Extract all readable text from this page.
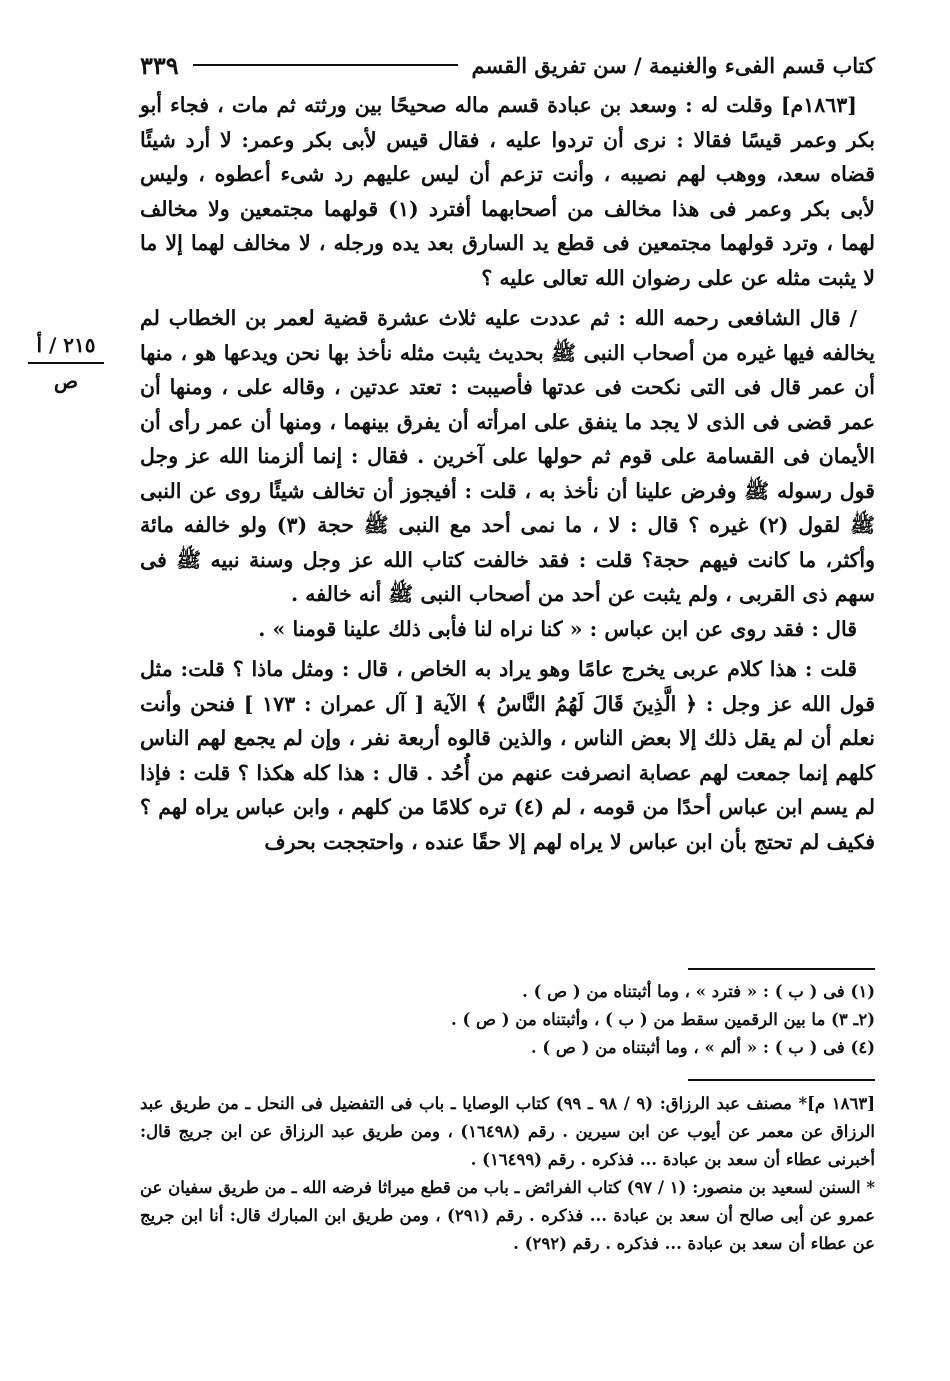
كتاب قسم الفىء والغنيمة / سن تفريق القسم
٣٣٩
٢١٥ / أ
ص

[١٨٦٣م] وقلت له : وسعد بن عبادة قسم ماله صحيحًا بين ورثته ثم مات ، فجاء أبو بكر وعمر قيسًا فقالا : نرى أن تردوا عليه ، فقال قيس لأبى بكر وعمر: لا أرد شيئًا قضاه سعد، ووهب لهم نصيبه ، وأنت تزعم أن ليس عليهم رد شىء أعطوه ، وليس لأبى بكر وعمر فى هذا مخالف من أصحابهما أفترد (١) قولهما مجتمعين ولا مخالف لهما ، وترد قولهما مجتمعين فى قطع يد السارق بعد يده ورجله ، لا مخالف لهما إلا ما لا يثبت مثله عن على رضوان الله تعالى عليه ؟

/ قال الشافعى رحمه الله : ثم عددت عليه ثلاث عشرة قضية لعمر بن الخطاب لم يخالفه فيها غيره من أصحاب النبى ﷺ بحديث يثبت مثله نأخذ بها نحن ويدعها هو ، منها أن عمر قال فى التى نكحت فى عدتها فأصيبت : تعتد عدتين ، وقاله على ، ومنها أن عمر قضى فى الذى لا يجد ما ينفق على امرأته أن يفرق بينهما ، ومنها أن عمر رأى أن الأيمان فى القسامة على قوم ثم حولها على آخرين . فقال : إنما ألزمنا الله عز وجل قول رسوله ﷺ وفرض علينا أن نأخذ به ، قلت : أفيجوز أن تخالف شيئًا روى عن النبى ﷺ لقول (٢) غيره ؟ قال : لا ، ما نمى أحد مع النبى ﷺ حجة (٣) ولو خالفه مائة وأكثر، ما كانت فيهم حجة؟ قلت : فقد خالفت كتاب الله عز وجل وسنة نبيه ﷺ فى سهم ذى القربى ، ولم يثبت عن أحد من أصحاب النبى ﷺ أنه خالفه .

قال : فقد روى عن ابن عباس : « كنا نراه لنا فأبى ذلك علينا قومنا » .

قلت : هذا كلام عربى يخرج عامًا وهو يراد به الخاص ، قال : ومثل ماذا ؟ قلت: مثل قول الله عز وجل : ﴿ الَّذِينَ قَالَ لَهُمُ النَّاسُ ﴾ الآية [ آل عمران : ١٧٣ ] فنحن وأنت نعلم أن لم يقل ذلك إلا بعض الناس ، والذين قالوه أربعة نفر ، وإن لم يجمع لهم الناس كلهم إنما جمعت لهم عصابة انصرفت عنهم من أُحُد . قال : هذا كله هكذا ؟ قلت : فإذا لم يسم ابن عباس أحدًا من قومه ، لم (٤) تره كلامًا من كلهم ، وابن عباس يراه لهم ؟ فكيف لم تحتج بأن ابن عباس لا يراه لهم إلا حقًا عنده ، واحتججت بحرف

(١) فى ( ب ) : « فترد » ، وما أثبتناه من ( ص ) .

(٢ـ ٣) ما بين الرقمين سقط من ( ب ) ، وأثبتناه من ( ص ) .

(٤) فى ( ب ) : « ألم » ، وما أثبتناه من ( ص ) .

[١٨٦٣ م]* مصنف عبد الرزاق: (٩ / ٩٨ ـ ٩٩) كتاب الوصايا ـ باب فى التفضيل فى النحل ـ من طريق عبد الرزاق عن معمر عن أيوب عن ابن سيرين . رقم (١٦٤٩٨) ، ومن طريق عبد الرزاق عن ابن جريج قال: أخبرنى عطاء أن سعد بن عبادة ... فذكره . رقم (١٦٤٩٩) .

* السنن لسعيد بن منصور: (١ / ٩٧) كتاب الفرائض ـ باب من قطع ميراثا فرضه الله ـ من طريق سفيان عن عمرو عن أبى صالح أن سعد بن عبادة ... فذكره . رقم (٢٩١) ، ومن طريق ابن المبارك قال: أنا ابن جريج عن عطاء أن سعد بن عبادة ... فذكره . رقم (٢٩٢) .
